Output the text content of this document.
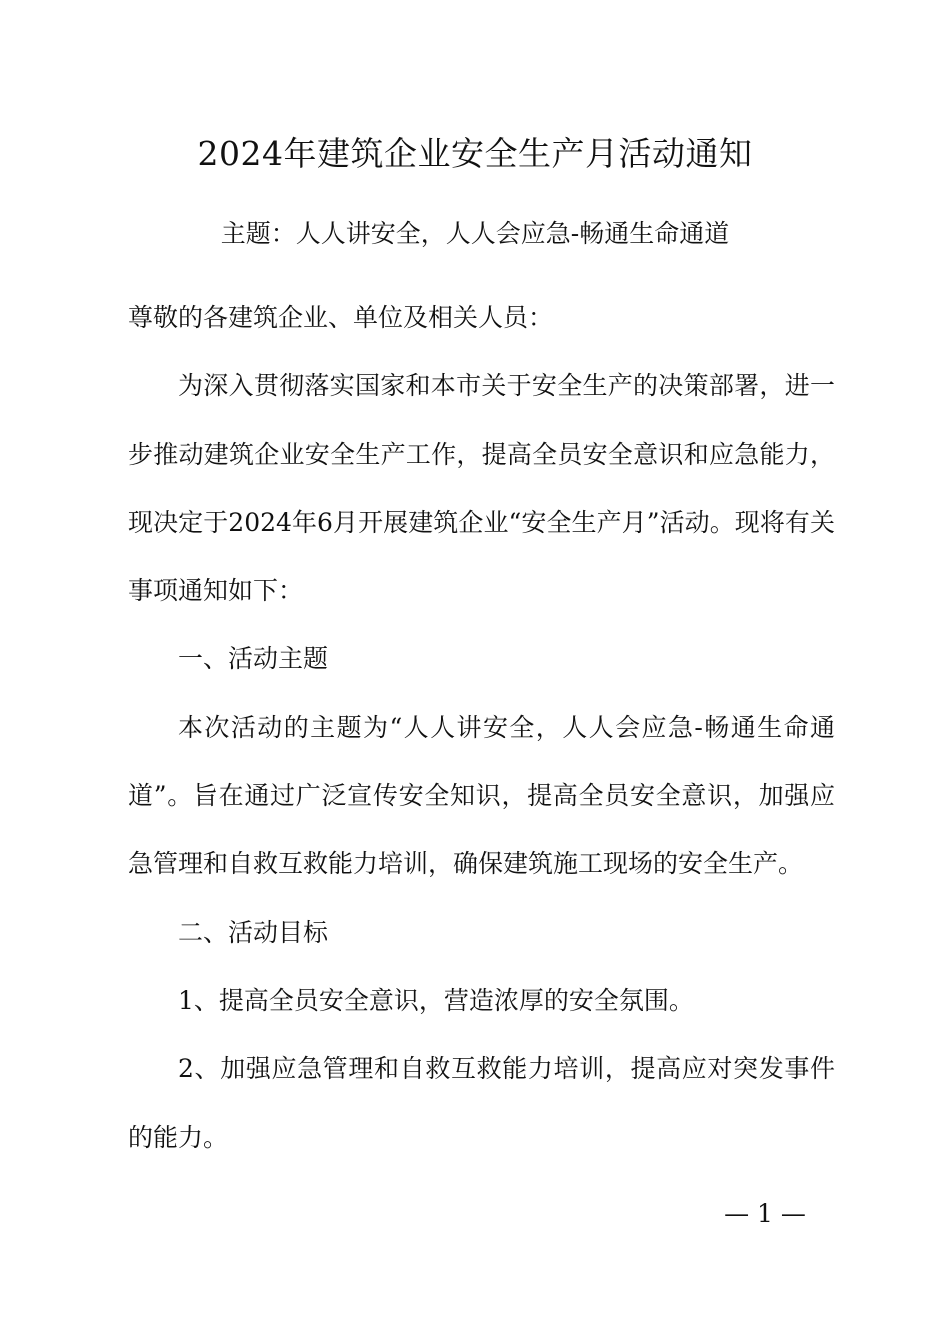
2024年建筑企业安全生产月活动通知
主题：人人讲安全，人人会应急-畅通生命通道

尊敬的各建筑企业、单位及相关人员：

为深入贯彻落实国家和本市关于安全生产的决策部署，进一步推动建筑企业安全生产工作，提高全员安全意识和应急能力，现决定于2024年6月开展建筑企业“安全生产月”活动。现将有关事项通知如下：

一、活动主题

本次活动的主题为“人人讲安全，人人会应急-畅通生命通道”。旨在通过广泛宣传安全知识，提高全员安全意识，加强应急管理和自救互救能力培训，确保建筑施工现场的安全生产。

二、活动目标

1、提高全员安全意识，营造浓厚的安全氛围。

2、加强应急管理和自救互救能力培训，提高应对突发事件的能力。

— 1 —
